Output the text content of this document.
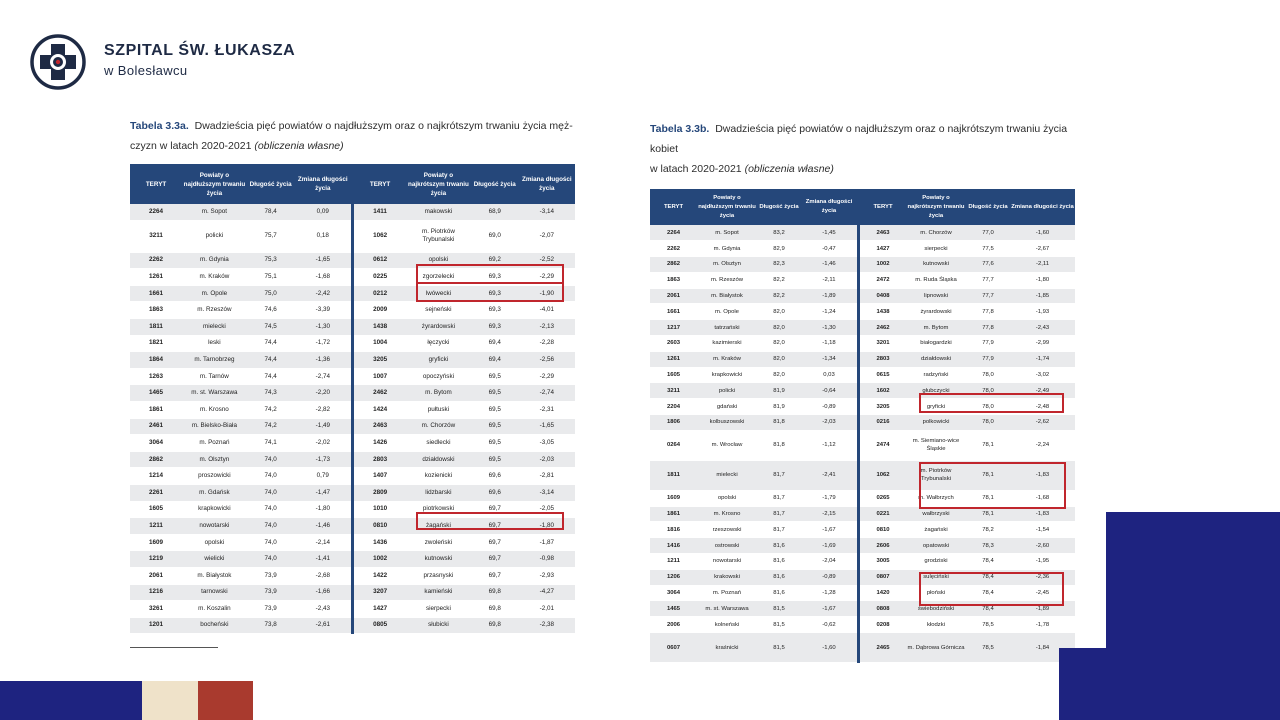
SZPITAL ŚW. ŁUKASZA
w Bolesławcu
Tabela 3.3a. Dwadzieścia pięć powiatów o najdłuższym oraz o najkrótszym trwaniu życia męż-
czyzn w latach 2020-2021 (obliczenia własne)
TERYT	Powiaty o najdłuższym trwaniu życia	Długość życia	Zmiana długości życia		TERYT	Powiaty o najkrótszym trwaniu życia	Długość życia	Zmiana długości życia
2264	m. Sopot	78,4	0,09		1411	makowski	68,9	-3,14
3211	policki	75,7	0,18		1062	m. Piotrków Trybunalski	69,0	-2,07
2262	m. Gdynia	75,3	-1,65		0612	opolski	69,2	-2,52
1261	m. Kraków	75,1	-1,68		0225	zgorzelecki	69,3	-2,29
1661	m. Opole	75,0	-2,42		0212	lwówecki	69,3	-1,90
1863	m. Rzeszów	74,6	-3,39		2009	sejneński	69,3	-4,01
1811	mielecki	74,5	-1,30		1438	żyrardowski	69,3	-2,13
1821	leski	74,4	-1,72		1004	łęczycki	69,4	-2,28
1864	m. Tarnobrzeg	74,4	-1,36		3205	gryficki	69,4	-2,56
1263	m. Tarnów	74,4	-2,74		1007	opoczyński	69,5	-2,29
1465	m. st. Warszawa	74,3	-2,20		2462	m. Bytom	69,5	-2,74
1861	m. Krosno	74,2	-2,82		1424	pułtuski	69,5	-2,31
2461	m. Bielsko-Biała	74,2	-1,49		2463	m. Chorzów	69,5	-1,65
3064	m. Poznań	74,1	-2,02		1426	siedlecki	69,5	-3,05
2862	m. Olsztyn	74,0	-1,73		2803	działdowski	69,5	-2,03
1214	proszowicki	74,0	0,79		1407	kozienicki	69,6	-2,81
2261	m. Gdańsk	74,0	-1,47		2809	lidzbarski	69,6	-3,14
1605	krapkowicki	74,0	-1,80		1010	piotrkowski	69,7	-2,05
1211	nowotarski	74,0	-1,46		0810	żagański	69,7	-1,80
1609	opolski	74,0	-2,14		1436	zwoleński	69,7	-1,87
1219	wielicki	74,0	-1,41		1002	kutnowski	69,7	-0,98
2061	m. Białystok	73,9	-2,68		1422	przasnyski	69,7	-2,93
1216	tarnowski	73,9	-1,66		3207	kamieński	69,8	-4,27
3261	m. Koszalin	73,9	-2,43		1427	sierpecki	69,8	-2,01
1201	bocheński	73,8	-2,61		0805	słubicki	69,8	-2,38
Tabela 3.3b. Dwadzieścia pięć powiatów o najdłuższym oraz o najkrótszym trwaniu życia kobiet
w latach 2020-2021 (obliczenia własne)
TERYT	Powiaty o najdłuższym trwaniu życia	Długość życia	Zmiana długości życia		TERYT	Powiaty o najkrótszym trwaniu życia	Długość życia	Zmiana długości życia
2264	m. Sopot	83,2	-1,45		2463	m. Chorzów	77,0	-1,60
2262	m. Gdynia	82,9	-0,47		1427	sierpecki	77,5	-2,67
2862	m. Olsztyn	82,3	-1,46		1002	kutnowski	77,6	-2,11
1863	m. Rzeszów	82,2	-2,11		2472	m. Ruda Śląska	77,7	-1,80
2061	m. Białystok	82,2	-1,89		0408	lipnowski	77,7	-1,85
1661	m. Opole	82,0	-1,24		1438	żyrardowski	77,8	-1,93
1217	tatrzański	82,0	-1,30		2462	m. Bytom	77,8	-2,43
2603	kazimierski	82,0	-1,18		3201	białogardzki	77,9	-2,99
1261	m. Kraków	82,0	-1,34		2803	działdowski	77,9	-1,74
1605	krapkowicki	82,0	0,03		0615	radzyński	78,0	-3,02
3211	policki	81,9	-0,64		1602	głubczycki	78,0	-2,49
2204	gdański	81,9	-0,89		3205	gryficki	78,0	-2,48
1806	kolbuszowski	81,8	-2,03		0216	polkowicki	78,0	-2,62
0264	m. Wrocław	81,8	-1,12		2474	m. Siemiano-wice Śląskie	78,1	-2,24
1811	mielecki	81,7	-2,41		1062	m. Piotrków Trybunalski	78,1	-1,83
1609	opolski	81,7	-1,79		0265	m. Wałbrzych	78,1	-1,68
1861	m. Krosno	81,7	-2,15		0221	wałbrzyski	78,1	-1,83
1816	rzeszowski	81,7	-1,67		0810	żagański	78,2	-1,54
1416	ostrowski	81,6	-1,69		2606	opatowski	78,3	-2,60
1211	nowotarski	81,6	-2,04		3005	grodziski	78,4	-1,95
1206	krakowski	81,6	-0,89		0807	sulęciński	78,4	-2,36
3064	m. Poznań	81,6	-1,28		1420	płoński	78,4	-2,45
1465	m. st. Warszawa	81,5	-1,67		0808	świebodziński	78,4	-1,89
2006	kolneński	81,5	-0,62		0208	kłodzki	78,5	-1,78
0607	kraśnicki	81,5	-1,60		2465	m. Dąbrowa Górnicza	78,5	-1,84
